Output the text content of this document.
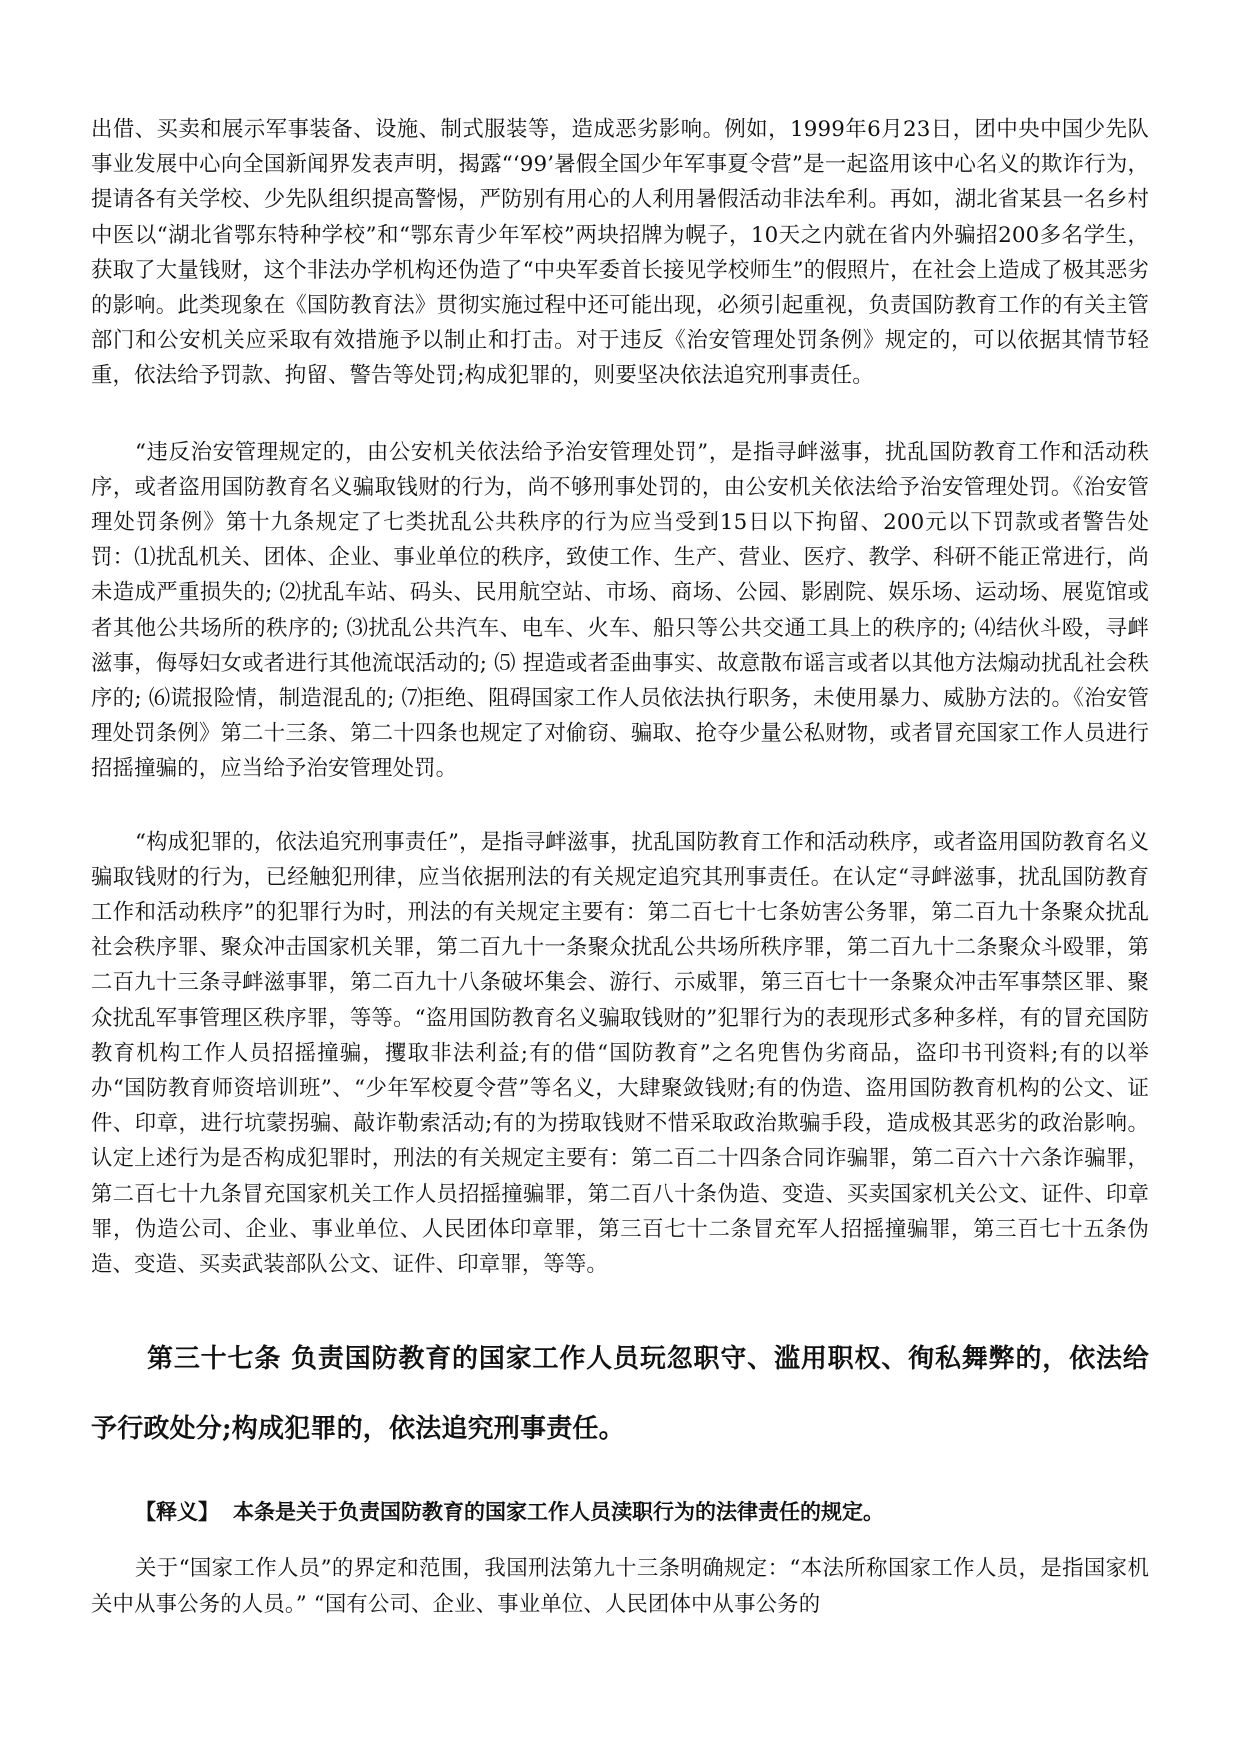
出借、买卖和展示军事装备、设施、制式服装等，造成恶劣影响。例如，1999年6月23日，团中央中国少先队事业发展中心向全国新闻界发表声明，揭露“‘99’暑假全国少年军事夏令营”是一起盗用该中心名义的欺诈行为，提请各有关学校、少先队组织提高警惕，严防别有用心的人利用暑假活动非法牟利。再如，湖北省某县一名乡村中医以“湖北省鄂东特种学校”和“鄂东青少年军校”两块招牌为幌子，10天之内就在省内外骗招200多名学生，获取了大量钱财，这个非法办学机构还伪造了“中央军委首长接见学校师生”的假照片，在社会上造成了极其恶劣的影响。此类现象在《国防教育法》贯彻实施过程中还可能出现，必须引起重视，负责国防教育工作的有关主管部门和公安机关应采取有效措施予以制止和打击。对于违反《治安管理处罚条例》规定的，可以依据其情节轻重，依法给予罚款、拘留、警告等处罚;构成犯罪的，则要坚决依法追究刑事责任。

“违反治安管理规定的，由公安机关依法给予治安管理处罚”，是指寻衅滋事，扰乱国防教育工作和活动秩序，或者盗用国防教育名义骗取钱财的行为，尚不够刑事处罚的，由公安机关依法给予治安管理处罚。《治安管理处罚条例》第十九条规定了七类扰乱公共秩序的行为应当受到15日以下拘留、200元以下罚款或者警告处罚：⑴扰乱机关、团体、企业、事业单位的秩序，致使工作、生产、营业、医疗、教学、科研不能正常进行，尚未造成严重损失的; ⑵扰乱车站、码头、民用航空站、市场、商场、公园、影剧院、娱乐场、运动场、展览馆或者其他公共场所的秩序的; ⑶扰乱公共汽车、电车、火车、船只等公共交通工具上的秩序的; ⑷结伙斗殴，寻衅滋事，侮辱妇女或者进行其他流氓活动的; ⑸ 捏造或者歪曲事实、故意散布谣言或者以其他方法煽动扰乱社会秩序的; ⑹谎报险情，制造混乱的; ⑺拒绝、阻碍国家工作人员依法执行职务，未使用暴力、威胁方法的。《治安管理处罚条例》第二十三条、第二十四条也规定了对偷窃、骗取、抢夺少量公私财物，或者冒充国家工作人员进行招摇撞骗的，应当给予治安管理处罚。

“构成犯罪的，依法追究刑事责任”，是指寻衅滋事，扰乱国防教育工作和活动秩序，或者盗用国防教育名义骗取钱财的行为，已经触犯刑律，应当依据刑法的有关规定追究其刑事责任。在认定“寻衅滋事，扰乱国防教育工作和活动秩序”的犯罪行为时，刑法的有关规定主要有：第二百七十七条妨害公务罪，第二百九十条聚众扰乱社会秩序罪、聚众冲击国家机关罪，第二百九十一条聚众扰乱公共场所秩序罪，第二百九十二条聚众斗殴罪，第二百九十三条寻衅滋事罪，第二百九十八条破坏集会、游行、示威罪，第三百七十一条聚众冲击军事禁区罪、聚众扰乱军事管理区秩序罪，等等。“盗用国防教育名义骗取钱财的”犯罪行为的表现形式多种多样，有的冒充国防教育机构工作人员招摇撞骗，攫取非法利益;有的借“国防教育”之名兜售伪劣商品，盗印书刊资料;有的以举办“国防教育师资培训班”、“少年军校夏令营”等名义，大肆聚敛钱财;有的伪造、盗用国防教育机构的公文、证件、印章，进行坑蒙拐骗、敲诈勒索活动;有的为捞取钱财不惜采取政治欺骗手段，造成极其恶劣的政治影响。认定上述行为是否构成犯罪时，刑法的有关规定主要有：第二百二十四条合同诈骗罪，第二百六十六条诈骗罪，第二百七十九条冒充国家机关工作人员招摇撞骗罪，第二百八十条伪造、变造、买卖国家机关公文、证件、印章罪，伪造公司、企业、事业单位、人民团体印章罪，第三百七十二条冒充军人招摇撞骗罪，第三百七十五条伪造、变造、买卖武装部队公文、证件、印章罪，等等。

第三十七条 负责国防教育的国家工作人员玩忽职守、滥用职权、徇私舞弊的，依法给予行政处分;构成犯罪的，依法追究刑事责任。

【释义】 本条是关于负责国防教育的国家工作人员渎职行为的法律责任的规定。

关于“国家工作人员”的界定和范围，我国刑法第九十三条明确规定：“本法所称国家工作人员，是指国家机关中从事公务的人员。” “国有公司、企业、事业单位、人民团体中从事公务的
